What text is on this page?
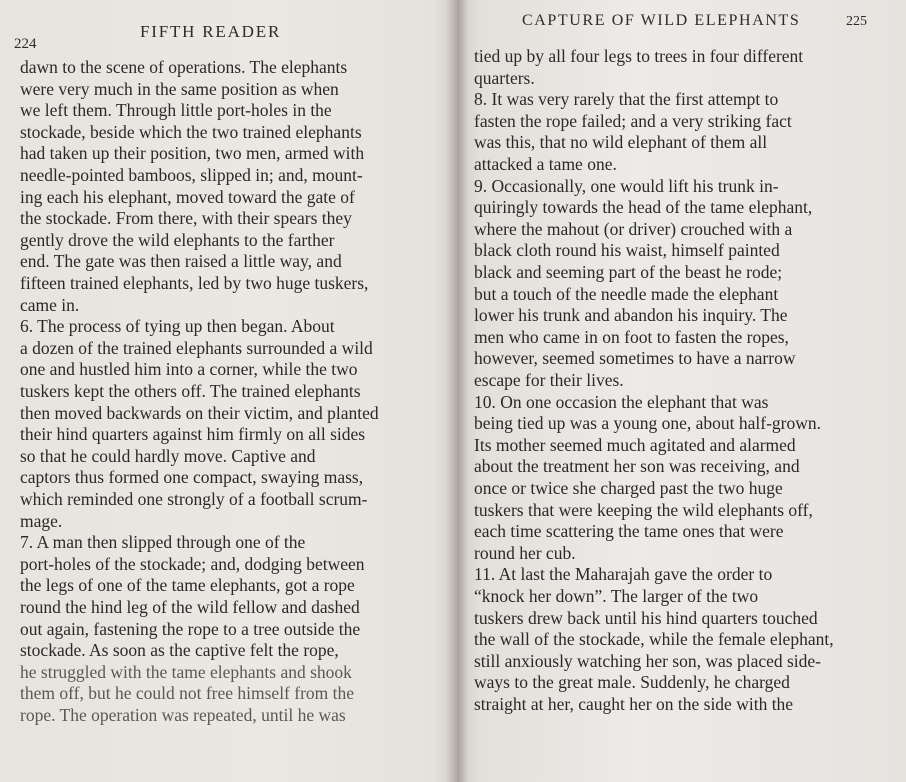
224
FIFTH READER
dawn to the scene of operations. The elephants
were very much in the same position as when
we left them. Through little port-holes in the
stockade, beside which the two trained elephants
had taken up their position, two men, armed with
needle-pointed bamboos, slipped in; and, mount-
ing each his elephant, moved toward the gate of
the stockade. From there, with their spears they
gently drove the wild elephants to the farther
end. The gate was then raised a little way, and
fifteen trained elephants, led by two huge tuskers,
came in.
6. The process of tying up then began. About
a dozen of the trained elephants surrounded a wild
one and hustled him into a corner, while the two
tuskers kept the others off. The trained elephants
then moved backwards on their victim, and planted
their hind quarters against him firmly on all sides
so that he could hardly move. Captive and
captors thus formed one compact, swaying mass,
which reminded one strongly of a football scrum-
mage.
7. A man then slipped through one of the
port-holes of the stockade; and, dodging between
the legs of one of the tame elephants, got a rope
round the hind leg of the wild fellow and dashed
out again, fastening the rope to a tree outside the
stockade. As soon as the captive felt the rope,
he struggled with the tame elephants and shook
them off, but he could not free himself from the
rope. The operation was repeated, until he was
CAPTURE OF WILD ELEPHANTS	225
tied up by all four legs to trees in four different
quarters.
8. It was very rarely that the first attempt to
fasten the rope failed; and a very striking fact
was this, that no wild elephant of them all
attacked a tame one.
9. Occasionally, one would lift his trunk in-
quiringly towards the head of the tame elephant,
where the mahout (or driver) crouched with a
black cloth round his waist, himself painted
black and seeming part of the beast he rode;
but a touch of the needle made the elephant
lower his trunk and abandon his inquiry. The
men who came in on foot to fasten the ropes,
however, seemed sometimes to have a narrow
escape for their lives.
10. On one occasion the elephant that was
being tied up was a young one, about half-grown.
Its mother seemed much agitated and alarmed
about the treatment her son was receiving, and
once or twice she charged past the two huge
tuskers that were keeping the wild elephants off,
each time scattering the tame ones that were
round her cub.
11. At last the Maharajah gave the order to
“knock her down”. The larger of the two
tuskers drew back until his hind quarters touched
the wall of the stockade, while the female elephant,
still anxiously watching her son, was placed side-
ways to the great male. Suddenly, he charged
straight at her, caught her on the side with the
